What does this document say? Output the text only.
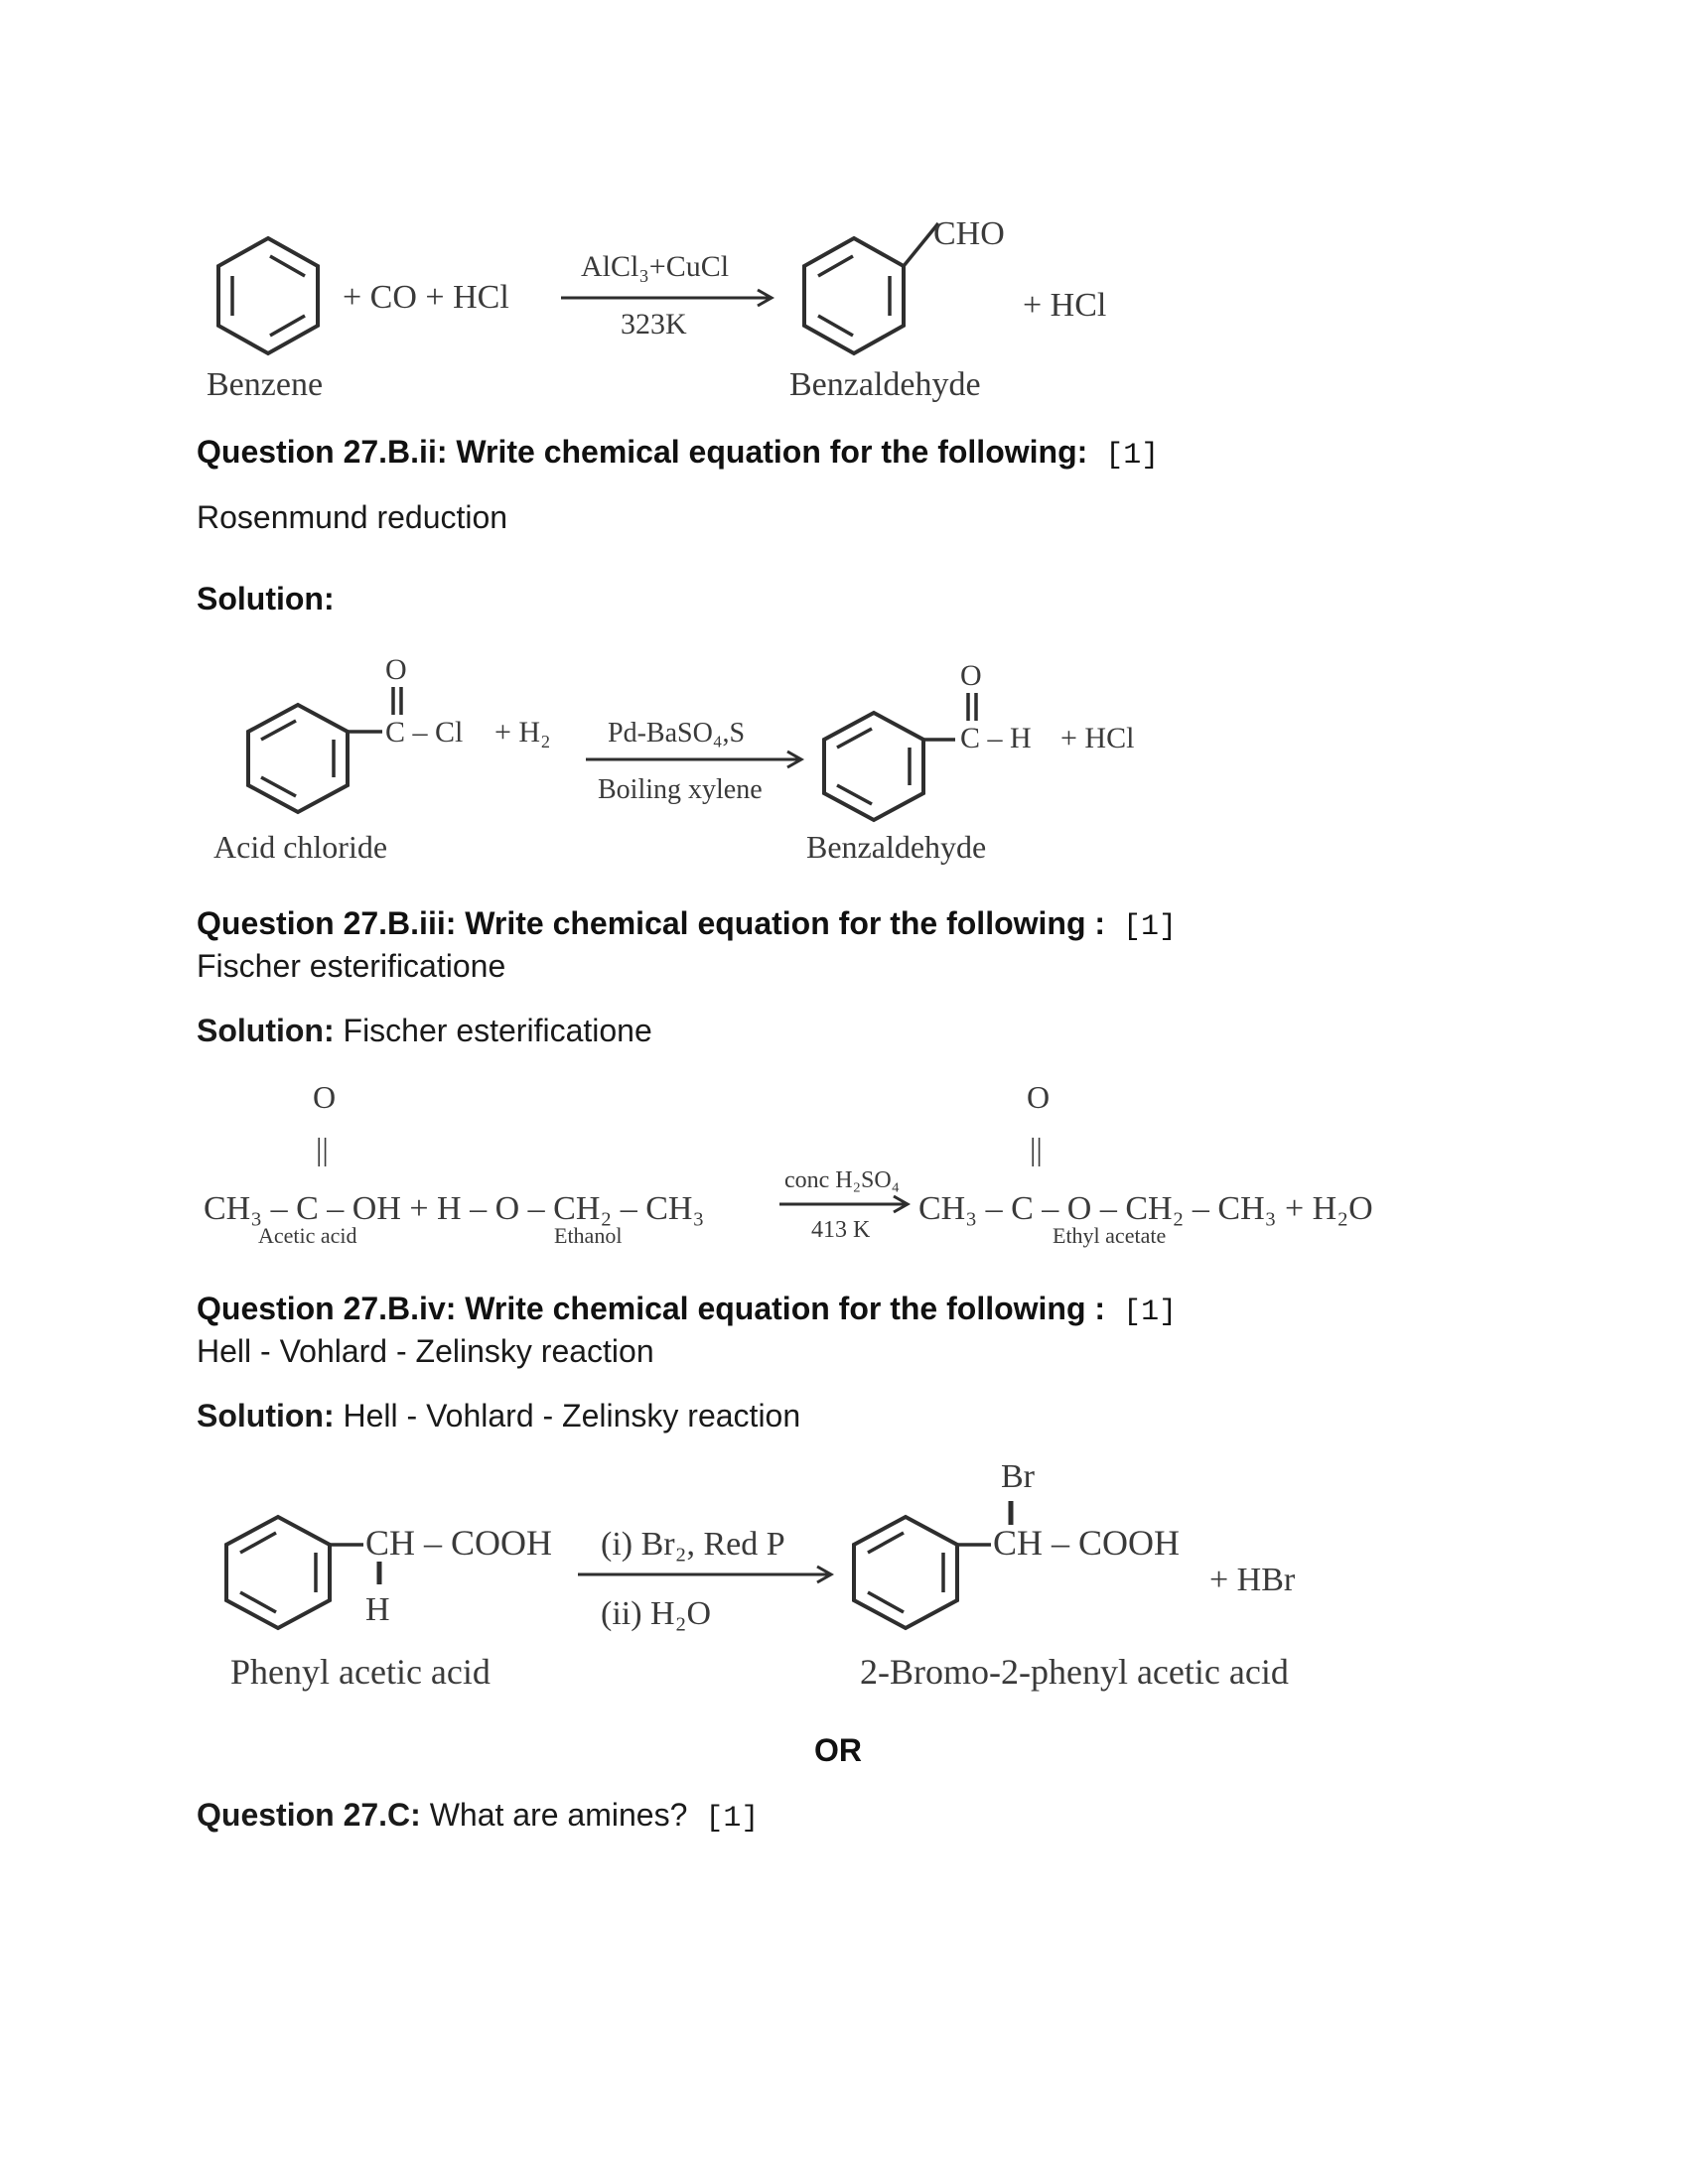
+ CO + HCl
AlCl₃+CuCl
323K
CHO
+ HCl
Benzene	Benzaldehyde
Question 27.B.ii: Write chemical equation for the following: [1]
Rosenmund reduction
Solution:
O
C – Cl + H₂ Pd-BaSO₄,S
Boiling xylene
O
C – H + HCl
Acid chloride	Benzaldehyde
Question 27.B.iii: Write chemical equation for the following : [1]
Fischer esterificatione
Solution: Fischer esterificatione
O
||
CH₃ – C – OH + H – O – CH₂ – CH₃
conc H₂SO₄
413 K
O
||
CH₃ – C – O – CH₂ – CH₃ + H₂O
Acetic acid	Ethanol	Ethyl acetate
Question 27.B.iv: Write chemical equation for the following : [1]
Hell - Vohlard - Zelinsky reaction
Solution: Hell - Vohlard - Zelinsky reaction
CH – COOH
H
(i) Br₂, Red P
(ii) H₂O
Br
CH – COOH
+ HBr
Phenyl acetic acid	2-Bromo-2-phenyl acetic acid
OR
Question 27.C: What are amines? [1]
